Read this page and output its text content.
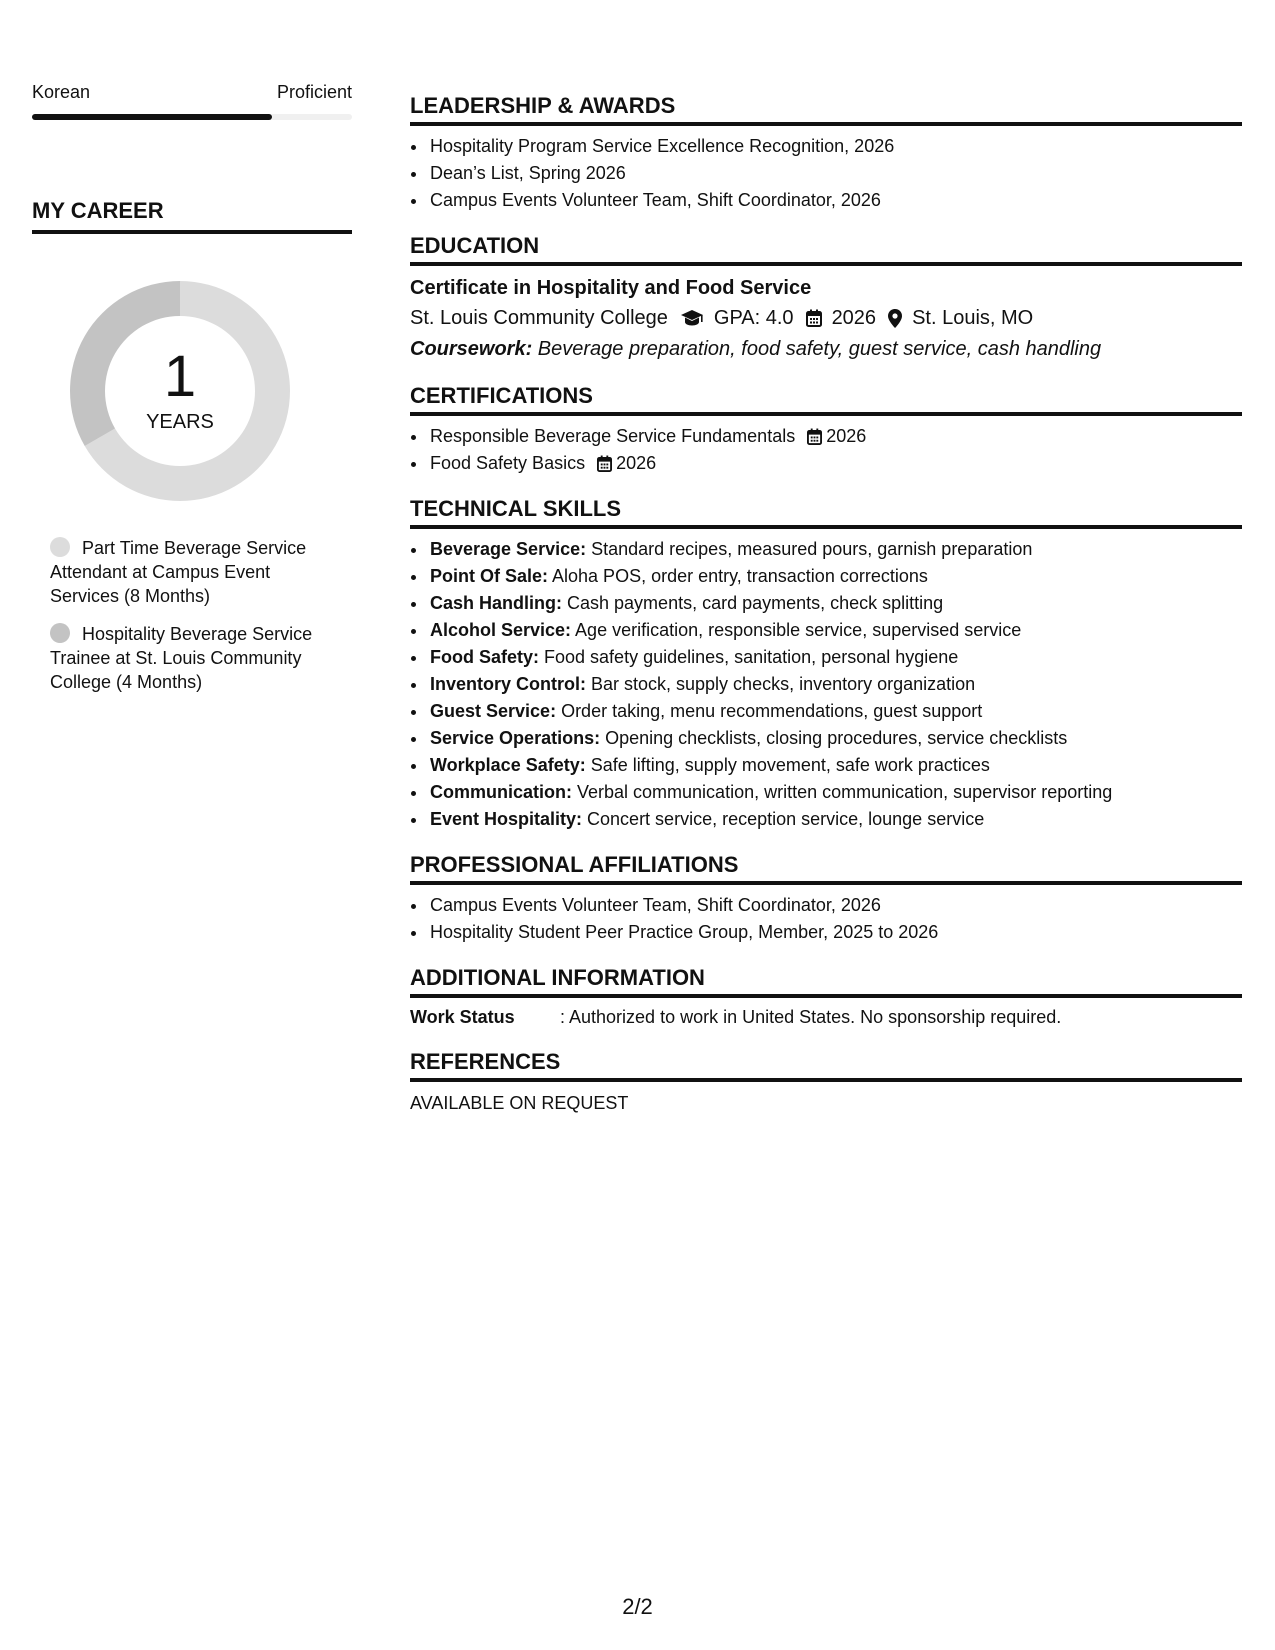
Korean	Proficient
MY CAREER
1
YEARS
Part Time Beverage Service Attendant at Campus Event Services (8 Months)
Hospitality Beverage Service Trainee at St. Louis Community College (4 Months)
LEADERSHIP & AWARDS
• Hospitality Program Service Excellence Recognition, 2026
• Dean’s List, Spring 2026
• Campus Events Volunteer Team, Shift Coordinator, 2026
EDUCATION
Certificate in Hospitality and Food Service
St. Louis Community College GPA: 4.0 2026 St. Louis, MO
Coursework: Beverage preparation, food safety, guest service, cash handling
CERTIFICATIONS
• Responsible Beverage Service Fundamentals 2026
• Food Safety Basics 2026
TECHNICAL SKILLS
• Beverage Service: Standard recipes, measured pours, garnish preparation
• Point Of Sale: Aloha POS, order entry, transaction corrections
• Cash Handling: Cash payments, card payments, check splitting
• Alcohol Service: Age verification, responsible service, supervised service
• Food Safety: Food safety guidelines, sanitation, personal hygiene
• Inventory Control: Bar stock, supply checks, inventory organization
• Guest Service: Order taking, menu recommendations, guest support
• Service Operations: Opening checklists, closing procedures, service checklists
• Workplace Safety: Safe lifting, supply movement, safe work practices
• Communication: Verbal communication, written communication, supervisor reporting
• Event Hospitality: Concert service, reception service, lounge service
PROFESSIONAL AFFILIATIONS
• Campus Events Volunteer Team, Shift Coordinator, 2026
• Hospitality Student Peer Practice Group, Member, 2025 to 2026
ADDITIONAL INFORMATION
Work Status	: Authorized to work in United States. No sponsorship required.
REFERENCES
AVAILABLE ON REQUEST
2/2
